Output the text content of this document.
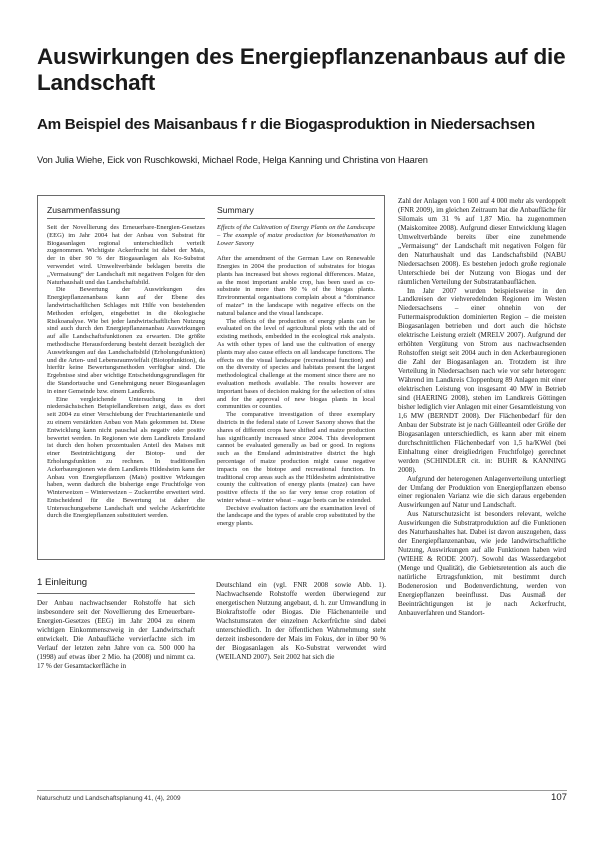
Auswirkungen des Energiepflanzenanbaus auf die Landschaft
Am Beispiel des Maisanbaus f r die Biogasproduktion in Niedersachsen
Von Julia Wiehe, Eick von Ruschkowski, Michael Rode, Helga Kanning und Christina von Haaren
Zusammenfassung

Seit der Novellierung des Erneuerbare-Energien-Gesetzes (EEG) im Jahr 2004 hat der Anbau von Substrat für Biogasanlagen regional unterschiedlich verteilt zugenommen. Wichtigste Ackerfrucht ist dabei der Mais, der in über 90 % der Biogasanlagen als Ko-Substrat verwendet wird. Umweltverbände beklagen bereits die „Vermaisung“ der Landschaft mit negativen Folgen für den Naturhaushalt und das Landschaftsbild.

Die Bewertung der Auswirkungen des Energiepflanzenanbaus kann auf der Ebene des landwirtschaftlichen Schlages mit Hilfe von bestehenden Methoden erfolgen, eingebettet in die ökologische Risikoanalyse. Wie bei jeder landwirtschaftlichen Nutzung sind auch durch den Energiepflanzenanbau Auswirkungen auf alle Landschaftsfunktionen zu erwarten. Die größte methodische Herausforderung besteht derzeit bezüglich der Auswirkungen auf das Landschaftsbild (Erholungsfunktion) und die Arten- und Lebensraumvielfalt (Biotopfunktion), da hierfür keine Bewertungsmethoden verfügbar sind. Die Ergebnisse sind aber wichtige Entscheidungsgrundlagen für die Standortsuche und Genehmigung neuer Biogasanlagen in einer Gemeinde bzw. einem Landkreis.

Eine vergleichende Untersuchung in drei niedersächsischen Beispiellandkreisen zeigt, dass es dort seit 2004 zu einer Verschiebung der Fruchtartenanteile und zu einem verstärkten Anbau von Mais gekommen ist. Diese Entwicklung kann nicht pauschal als negativ oder positiv bewertet werden. In Regionen wie dem Landkreis Emsland ist durch den hohen prozentualen Anteil des Maises mit einer Beeinträchtigung der Biotop- und der Erholungsfunktion zu rechnen. In traditionellen Ackerbauregionen wie dem Landkreis Hildesheim kann der Anbau von Energiepflanzen (Mais) positive Wirkungen haben, wenn dadurch die bisherige enge Fruchtfolge von Winterweizen – Winterweizen – Zuckerrübe erweitert wird. Entscheidend für die Bewertung ist daher die Untersuchungsebene Landschaft und welche Ackerfrüchte durch die Energiepflanzen substituiert werden.

Summary

Effects of the Cultivation of Energy Plants on the Landscape – The example of maize production for biomethanation in Lower Saxony

After the amendment of the German Law on Renewable Energies in 2004 the production of substrates for biogas plants has increased but shows regional differences. Maize, as the most important arable crop, has been used as co-substrate in more than 90 % of the biogas plants. Environmental organisations complain about a “dominance of maize” in the landscape with negative effects on the natural balance and the visual landscape.

The effects of the production of energy plants can be evaluated on the level of agricultural plots with the aid of existing methods, embedded in the ecological risk analysis. As with other types of land use the cultivation of energy plants may also cause effects on all landscape functions. The effects on the visual landscape (recreational function) and on the diversity of species and habitats present the largest methodological challenge at the moment since there are no evaluation methods available. The results however are important bases of decision making for the selection of sites and for the approval of new biogas plants in local communities or counties.

The comparative investigation of three exemplary districts in the federal state of Lower Saxony shows that the shares of different crops have shifted and maize production has significantly increased since 2004. This development cannot be evaluated generally as bad or good. In regions such as the Emsland administrative district the high percentage of maize production might cause negative impacts on the biotope and recreational function. In traditional crop areas such as the Hildesheim administrative county the cultivation of energy plants (maize) can have positive effects if the so far very tense crop rotation of winter wheat – winter wheat – sugar beets can be extended.

Decisive evaluation factors are the examination level of the landscape and the types of arable crop substituted by the energy plants.

Zahl der Anlagen von 1 600 auf 4 000 mehr als verdoppelt (FNR 2009), im gleichen Zeitraum hat die Anbaufläche für Silomais um 31 % auf 1,87 Mio. ha zugenommen (Maiskomitee 2008). Aufgrund dieser Entwicklung klagen Umweltverbände bereits über eine zunehmende „Vermaisung“ der Landschaft mit negativen Folgen für den Naturhaushalt und das Landschaftsbild (NABU Niedersachsen 2008). Es bestehen jedoch große regionale Unterschiede bei der Nutzung von Biogas und der räumlichen Verteilung der Substratanbauflächen.

Im Jahr 2007 wurden beispielsweise in den Landkreisen der viehveredelnden Regionen im Westen Niedersachsens – einer ohnehin von der Futtermaisproduktion dominierten Region – die meisten Biogasanlagen betrieben und dort auch die höchste elektrische Leistung erzielt (MRELV 2007). Aufgrund der erhöhten Vergütung von Strom aus nachwachsenden Rohstoffen steigt seit 2004 auch in den Ackerbauregionen die Zahl der Biogasanlagen an. Trotzdem ist ihre Verteilung in Niedersachsen nach wie vor sehr heterogen: Während im Landkreis Cloppenburg 89 Anlagen mit einer elektrischen Leistung von insgesamt 40 MW in Betrieb sind (HAERING 2008), stehen im Landkreis Göttingen bisher lediglich vier Anlagen mit einer Gesamtleistung von 1,6 MW (BERNDT 2008). Der Flächenbedarf für den Anbau der Substrate ist je nach Gülleanteil oder Größe der Biogasanlagen unterschiedlich, es kann aber mit einem durchschnittlichen Flächenbedarf von 1,5 ha/KWel (bei Einhaltung einer dreigliedrigen Fruchtfolge) gerechnet werden (SCHINDLER cit. in: BUHR & KANNING 2008).

Aufgrund der heterogenen Anlagenverteilung unterliegt der Umfang der Produktion von Energiepflanzen ebenso einer regionalen Varianz wie die sich daraus ergebenden Auswirkungen auf Natur und Landschaft.

Aus Naturschutzsicht ist besonders relevant, welche Auswirkungen die Substratproduktion auf die Funktionen des Naturhaushaltes hat. Dabei ist davon auszugehen, dass der Energiepflanzenanbau, wie jede landwirtschaftliche Nutzung, Auswirkungen auf alle Funktionen haben wird (WIEHE & RODE 2007). Sowohl das Wasserdargebot (Menge und Qualität), die Gebietsretention als auch die natürliche Ertragsfunktion, mit bestimmt durch Bodenerosion und Bodenverdichtung, werden von Energiepflanzen beeinflusst. Das Ausmaß der Beeinträchtigungen ist je nach Ackerfrucht, Anbauverfahren und Standort-

1 Einleitung

Der Anbau nachwachsender Rohstoffe hat sich insbesondere seit der Novellierung des Erneuerbare-Energien-Gesetzes (EEG) im Jahr 2004 zu einem wichtigen Einkommenszweig in der Landwirtschaft entwickelt. Die Anbaufläche vervierfachte sich im Verlauf der letzten zehn Jahre von ca. 500 000 ha (1998) auf etwas über 2 Mio. ha (2008) und nimmt ca. 17 % der Gesamtackerfläche in

Deutschland ein (vgl. FNR 2008 sowie Abb. 1). Nachwachsende Rohstoffe werden überwiegend zur energetischen Nutzung angebaut, d. h. zur Umwandlung in Biokraftstoffe oder Biogas. Die Flächenanteile und Wachstumsraten der einzelnen Ackerfrüchte sind dabei unterschiedlich. In der öffentlichen Wahrnehmung steht derzeit insbesondere der Mais im Fokus, der in über 90 % der Biogasanlagen als Ko-Substrat verwendet wird (WEILAND 2007). Seit 2002 hat sich die

Naturschutz und Landschaftsplanung 41, (4), 2009	107
